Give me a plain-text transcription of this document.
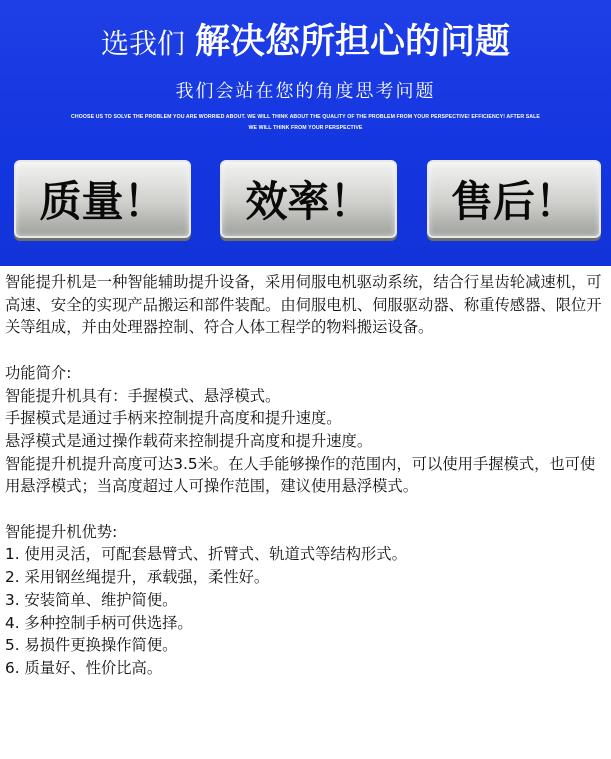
选我们 解决您所担心的问题
我们会站在您的角度思考问题
CHOOSE US TO SOLVE THE PROBLEM YOU ARE WORRIED ABOUT. WE WILL THINK ABOUT THE QUALITY OF THE PROBLEM FROM YOUR PERSPECTIVE! EFFICIENCY! AFTER SALE
WE WILL THINK FROM YOUR PERSPECTIVE
质量！	效率！	售后！

智能提升机是一种智能辅助提升设备，采用伺服电机驱动系统，结合行星齿轮减速机，可高速、安全的实现产品搬运和部件装配。由伺服电机、伺服驱动器、称重传感器、限位开关等组成，并由处理器控制、符合人体工程学的物料搬运设备。

功能简介:

智能提升机具有：手握模式、悬浮模式。

手握模式是通过手柄来控制提升高度和提升速度。

悬浮模式是通过操作载荷来控制提升高度和提升速度。

智能提升机提升高度可达3.5米。在人手能够操作的范围内，可以使用手握模式，也可使用悬浮模式；当高度超过人可操作范围，建议使用悬浮模式。

智能提升机优势:

1. 使用灵活，可配套悬臂式、折臂式、轨道式等结构形式。
2. 采用钢丝绳提升，承载强，柔性好。
3. 安装简单、维护简便。
4. 多种控制手柄可供选择。
5. 易损件更换操作简便。
6. 质量好、性价比高。
